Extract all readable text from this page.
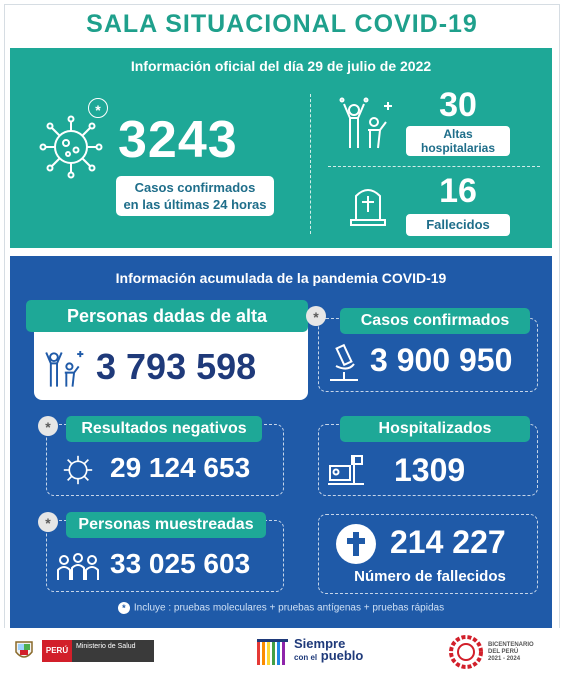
SALA SITUACIONAL COVID-19
Información oficial del día 29 de julio de 2022
*
3243
Casos confirmados
en las últimas 24 horas
30
Altas
hospitalarias
16
Fallecidos
Información acumulada de la pandemia COVID-19
Personas dadas de alta
3 793 598
Casos confirmados
*
3 900 950
Resultados negativos
*
29 124 653
Hospitalizados
1309
Personas muestreadas
*
33 025 603
214 227
Número de fallecidos
* Incluye : pruebas moleculares + pruebas antígenas + pruebas rápidas
PERÚ	Ministerio de Salud	Siempre
con el pueblo
BICENTENARIO
DEL PERÚ
2021 - 2024
